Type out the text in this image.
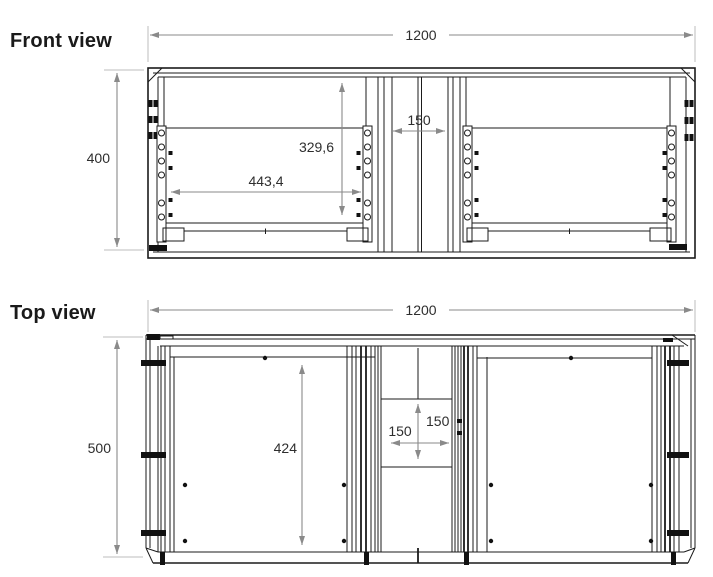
Front view
Top view
1200
400
150
329,6
443,4
1200
500	424
150
150
